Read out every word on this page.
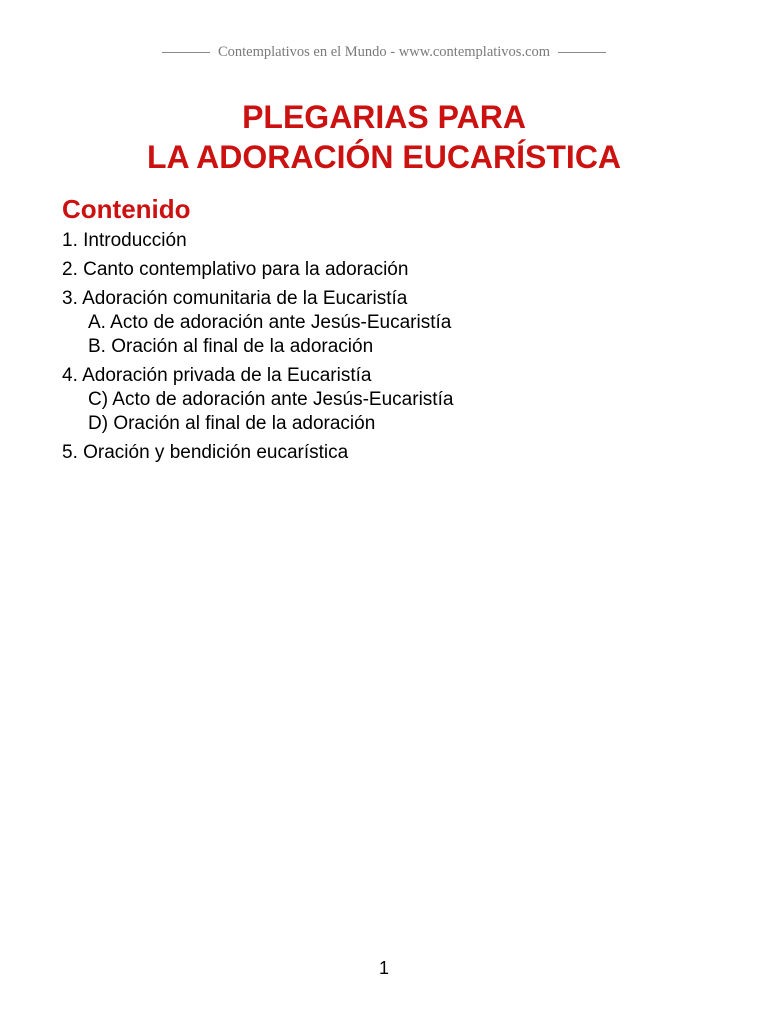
Contemplativos en el Mundo - www.contemplativos.com
PLEGARIAS PARA
LA ADORACIÓN EUCARÍSTICA
Contenido
1. Introducción
2. Canto contemplativo para la adoración
3. Adoración comunitaria de la Eucaristía
A. Acto de adoración ante Jesús-Eucaristía
B. Oración al final de la adoración
4. Adoración privada de la Eucaristía
C) Acto de adoración ante Jesús-Eucaristía
D) Oración al final de la adoración
5. Oración y bendición eucarística
1
